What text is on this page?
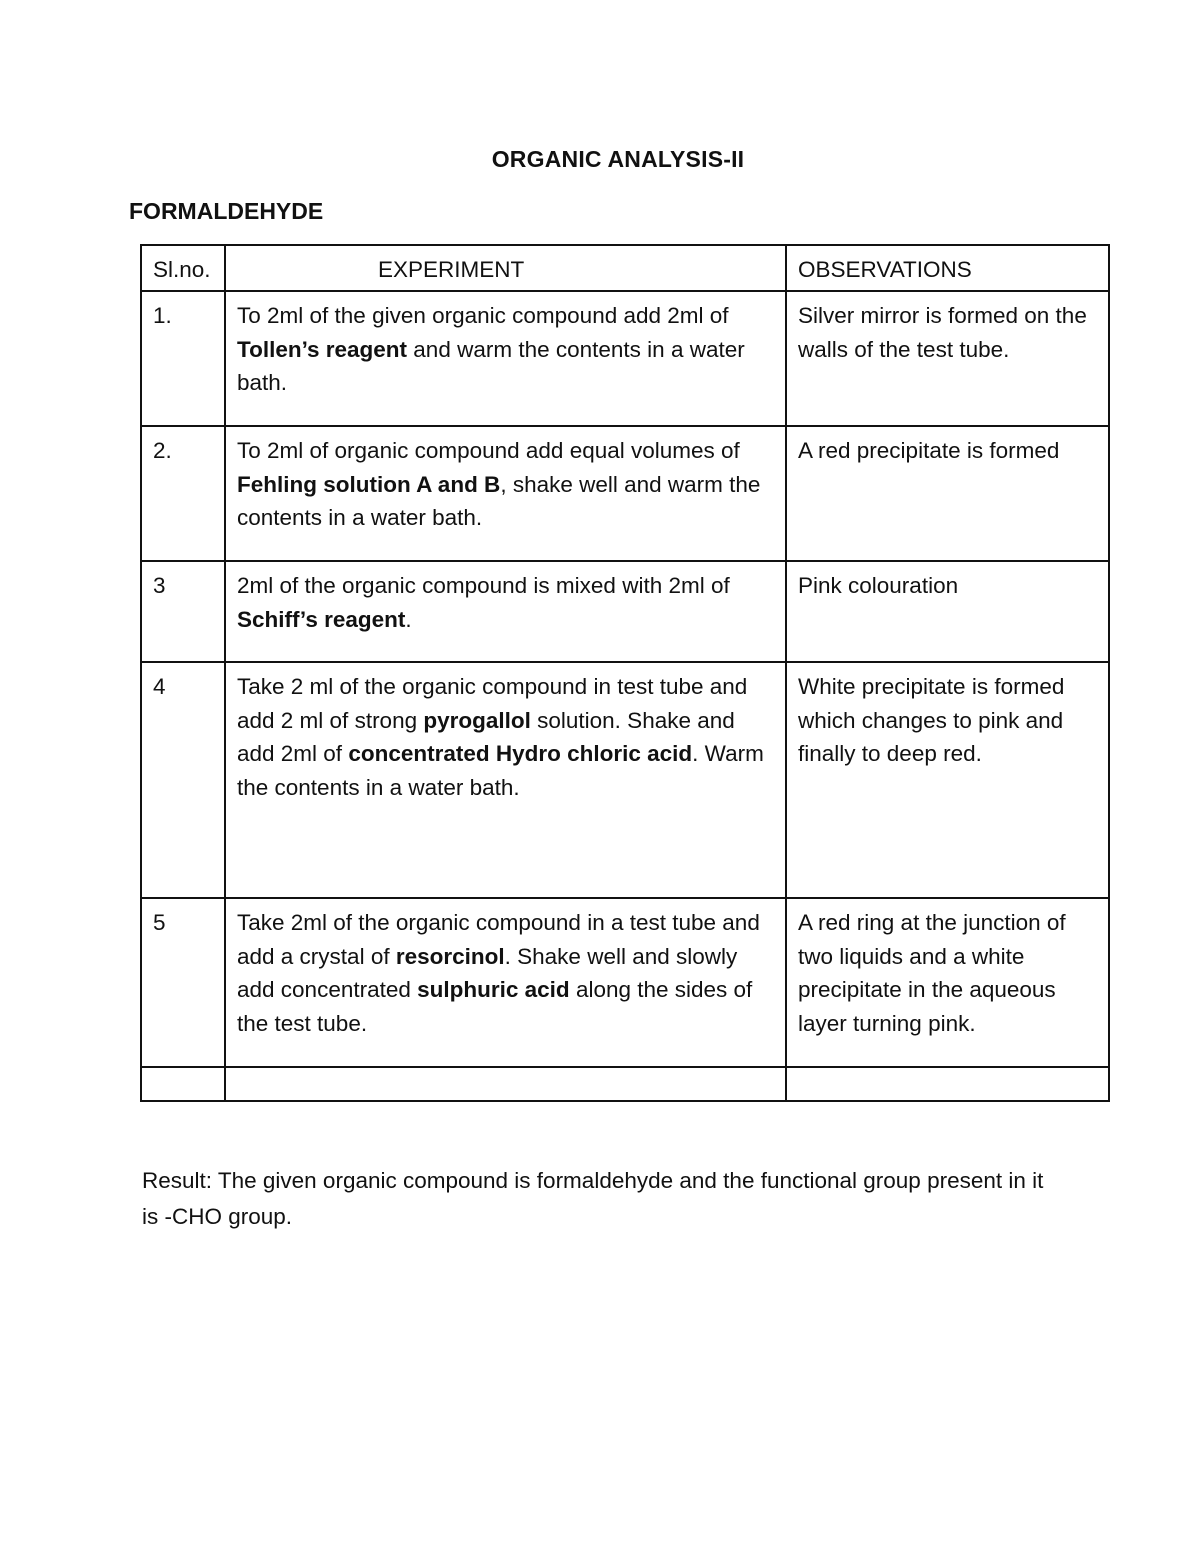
ORGANIC ANALYSIS-II
FORMALDEHYDE
Sl.no.	EXPERIMENT	OBSERVATIONS
1.	To 2ml of the given organic compound add 2ml of Tollen’s reagent and warm the contents in a water bath.	Silver mirror is formed on the walls of the test tube.
2.	To 2ml of organic compound add equal volumes of Fehling solution A and B, shake well and warm the contents in a water bath.	A red precipitate is formed
3	2ml of the organic compound is mixed with 2ml of Schiff’s reagent.	Pink colouration
4	Take 2 ml of the organic compound in test tube and add 2 ml of strong pyrogallol solution. Shake and add 2ml of concentrated Hydro chloric acid. Warm the contents in a water bath.	White precipitate is formed which changes to pink and finally to deep red.
5	Take 2ml of the organic compound in a test tube and add a crystal of resorcinol. Shake well and slowly add concentrated sulphuric acid along the sides of the test tube.	A red ring at the junction of two liquids and a white precipitate in the aqueous layer turning pink.

Result: The given organic compound is formaldehyde and the functional group present in it is -CHO group.
